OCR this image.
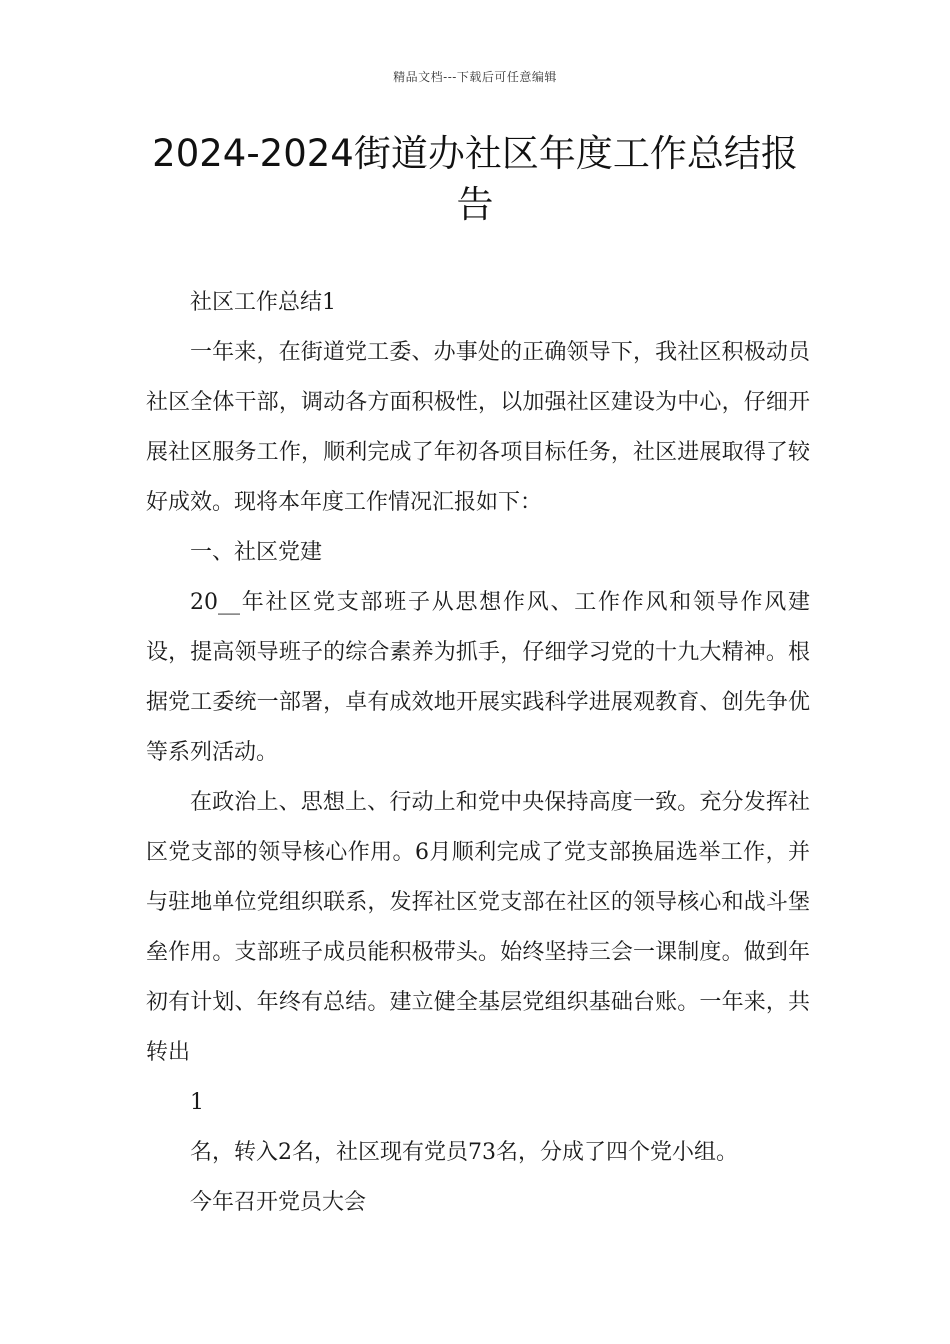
精品文档---下载后可任意编辑
2024-2024街道办社区年度工作总结报告

社区工作总结1

一年来，在街道党工委、办事处的正确领导下，我社区积极动员社区全体干部，调动各方面积极性，以加强社区建设为中心，仔细开展社区服务工作，顺利完成了年初各项目标任务，社区进展取得了较好成效。现将本年度工作情况汇报如下：

一、社区党建

20__年社区党支部班子从思想作风、工作作风和领导作风建设，提高领导班子的综合素养为抓手，仔细学习党的十九大精神。根据党工委统一部署，卓有成效地开展实践科学进展观教育、创先争优等系列活动。

在政治上、思想上、行动上和党中央保持高度一致。充分发挥社区党支部的领导核心作用。6月顺利完成了党支部换届选举工作，并与驻地单位党组织联系，发挥社区党支部在社区的领导核心和战斗堡垒作用。支部班子成员能积极带头。始终坚持三会一课制度。做到年初有计划、年终有总结。建立健全基层党组织基础台账。一年来，共转出

1

名，转入2名，社区现有党员73名，分成了四个党小组。

今年召开党员大会
